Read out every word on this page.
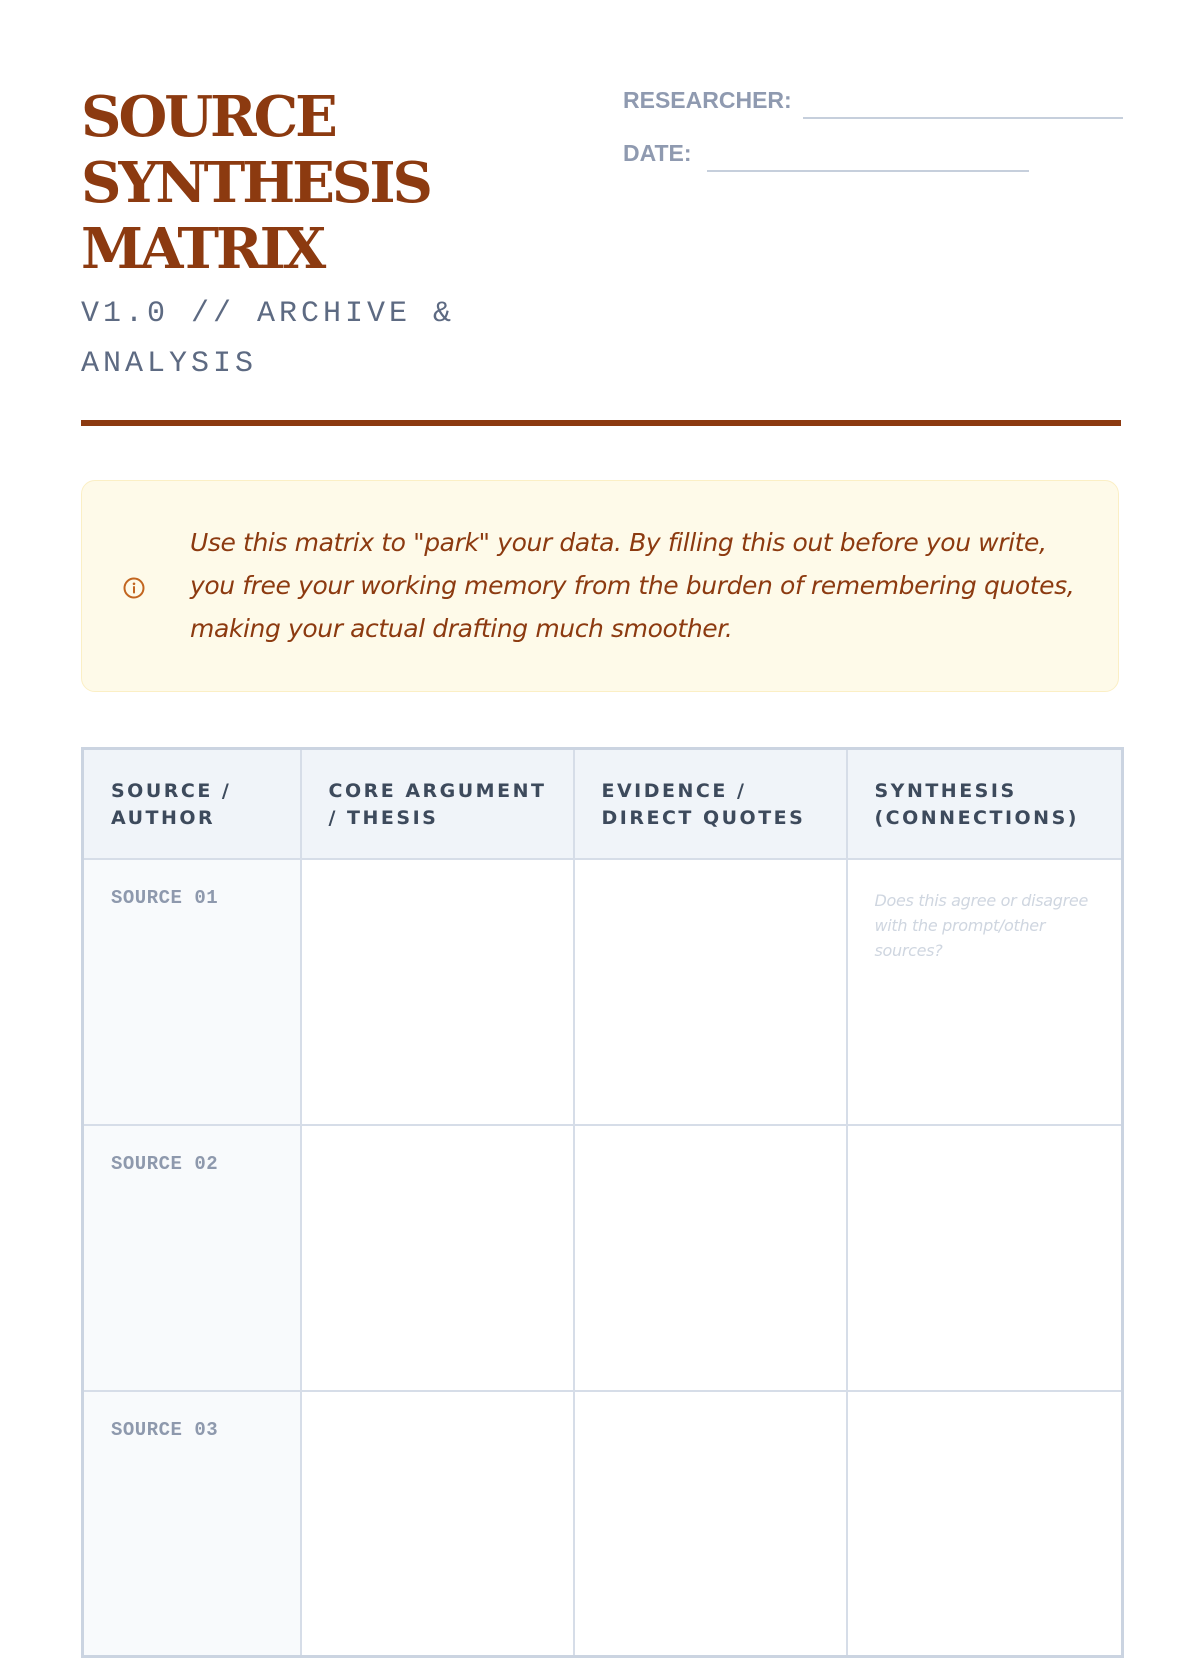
SOURCE
SYNTHESIS
MATRIX
V1.0 // ARCHIVE & ANALYSIS
RESEARCHER:
DATE:

Use this matrix to "park" your data. By filling this out before you write, you free your working memory from the burden of remembering quotes, making your actual drafting much smoother.

SOURCE / AUTHOR	CORE ARGUMENT / THESIS	EVIDENCE / DIRECT QUOTES	SYNTHESIS (CONNECTIONS)
SOURCE 01			Does this agree or disagree with the prompt/other sources?
SOURCE 02			
SOURCE 03			
